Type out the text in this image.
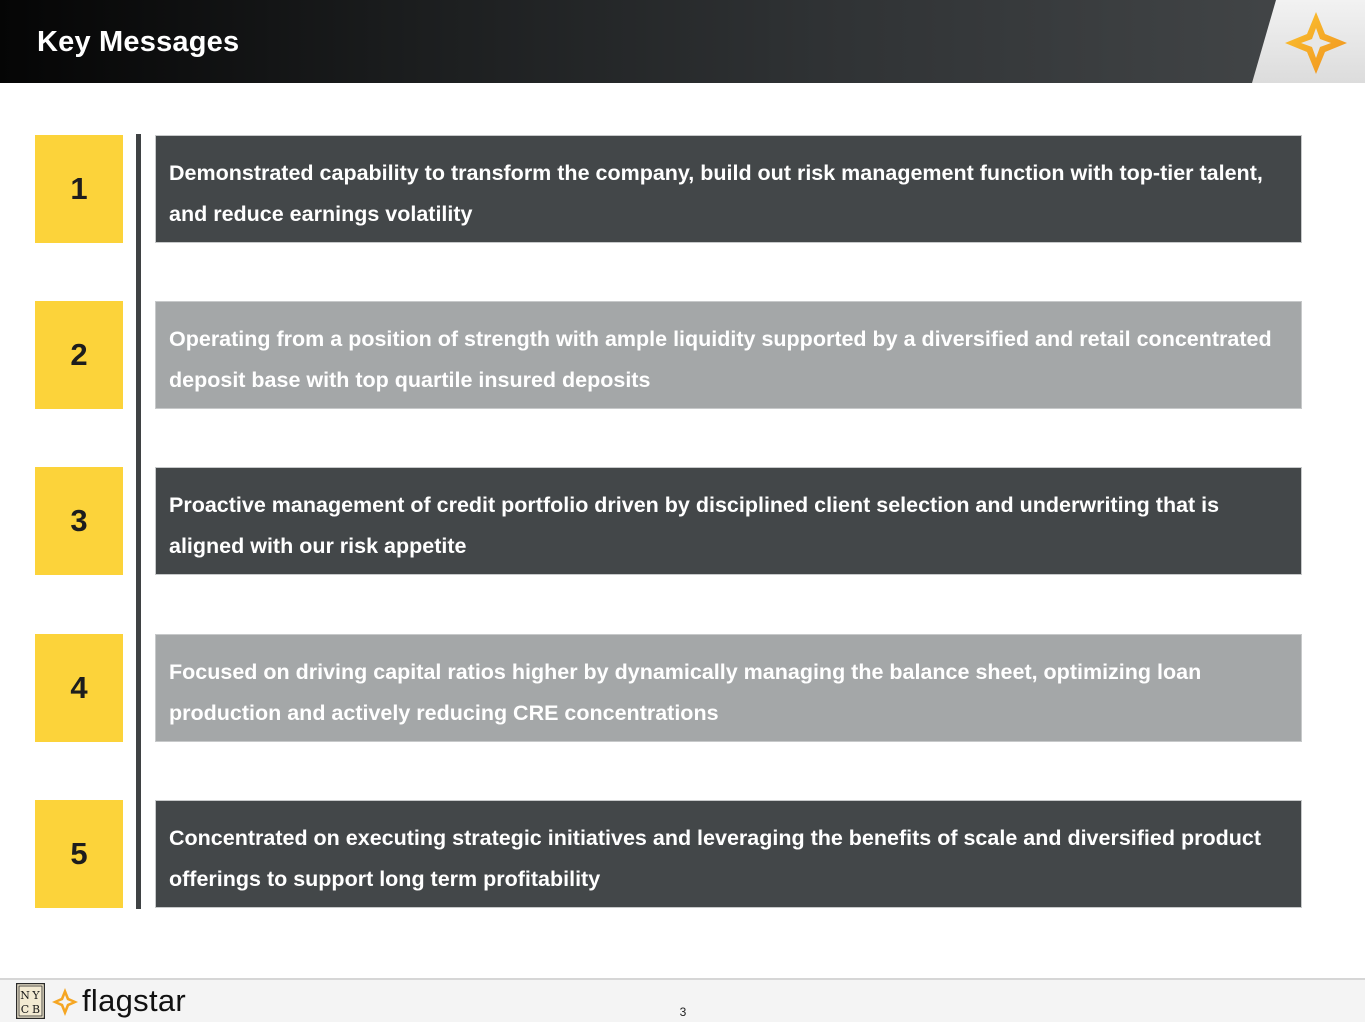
Key Messages
1	Demonstrated capability to transform the company, build out risk management function with top-tier talent, and reduce earnings volatility
2	Operating from a position of strength with ample liquidity supported by a diversified and retail concentrated deposit base with top quartile insured deposits
3	Proactive management of credit portfolio driven by disciplined client selection and underwriting that is aligned with our risk appetite
4	Focused on driving capital ratios higher by dynamically managing the balance sheet, optimizing loan production and actively reducing CRE concentrations
5	Concentrated on executing strategic initiatives and leveraging the benefits of scale and diversified product offerings to support long term profitability
N Y
C B flagstar	3
